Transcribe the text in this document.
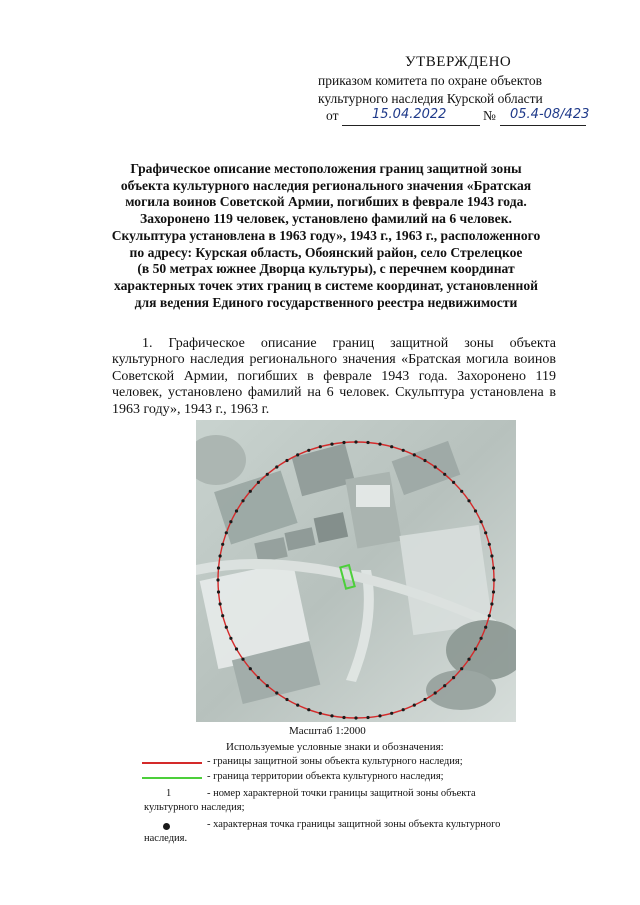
УТВЕРЖДЕНО
приказом комитета по охране объектов
культурного наследия Курской области
от	15.04.2022	№ 05.4-08/423
Графическое описание местоположения границ защитной зоны
объекта культурного наследия регионального значения «Братская
могила воинов Советской Армии, погибших в феврале 1943 года.
Захоронено 119 человек, установлено фамилий на 6 человек.
Скульптура установлена в 1963 году», 1943 г., 1963 г., расположенного
по адресу: Курская область, Обоянский район, село Стрелецкое
(в 50 метрах южнее Дворца культуры), с перечнем координат
характерных точек этих границ в системе координат, установленной
для ведения Единого государственного реестра недвижимости
1. Графическое описание границ защитной зоны объекта культурного наследия регионального значения «Братская могила воинов Советской Армии, погибших в феврале 1943 года. Захоронено 119 человек, установлено фамилий на 6 человек. Скульптура установлена в 1963 году», 1943 г., 1963 г.
Масштаб 1:2000
Используемые условные знаки и обозначения:
- границы защитной зоны объекта культурного наследия;
- граница территории объекта культурного наследия;
1	- номер характерной точки границы защитной зоны объекта
культурного наследия;
- характерная точка границы защитной зоны объекта культурного
наследия.
